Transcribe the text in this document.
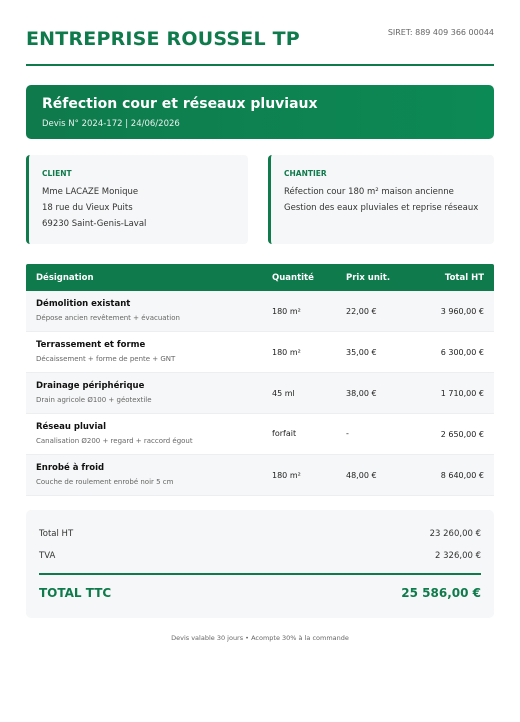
ENTREPRISE ROUSSEL TP	SIRET: 889 409 366 00044
Réfection cour et réseaux pluviaux
Devis N° 2024-172 | 24/06/2026
CLIENT
Mme LACAZE Monique
18 rue du Vieux Puits
69230 Saint-Genis-Laval
CHANTIER
Réfection cour 180 m² maison ancienne
Gestion des eaux pluviales et reprise réseaux
Désignation	Quantité	Prix unit.	Total HT
Démolition existant
Dépose ancien revêtement + évacuation
180 m²	22,00 €	3 960,00 €
Terrassement et forme
Décaissement + forme de pente + GNT
180 m²	35,00 €	6 300,00 €
Drainage périphérique
Drain agricole Ø100 + géotextile
45 ml	38,00 €	1 710,00 €
Réseau pluvial
Canalisation Ø200 + regard + raccord égout
forfait	-	2 650,00 €
Enrobé à froid
Couche de roulement enrobé noir 5 cm
180 m²	48,00 €	8 640,00 €
Total HT	23 260,00 €
TVA	2 326,00 €
TOTAL TTC	25 586,00 €
Devis valable 30 jours • Acompte 30% à la commande
